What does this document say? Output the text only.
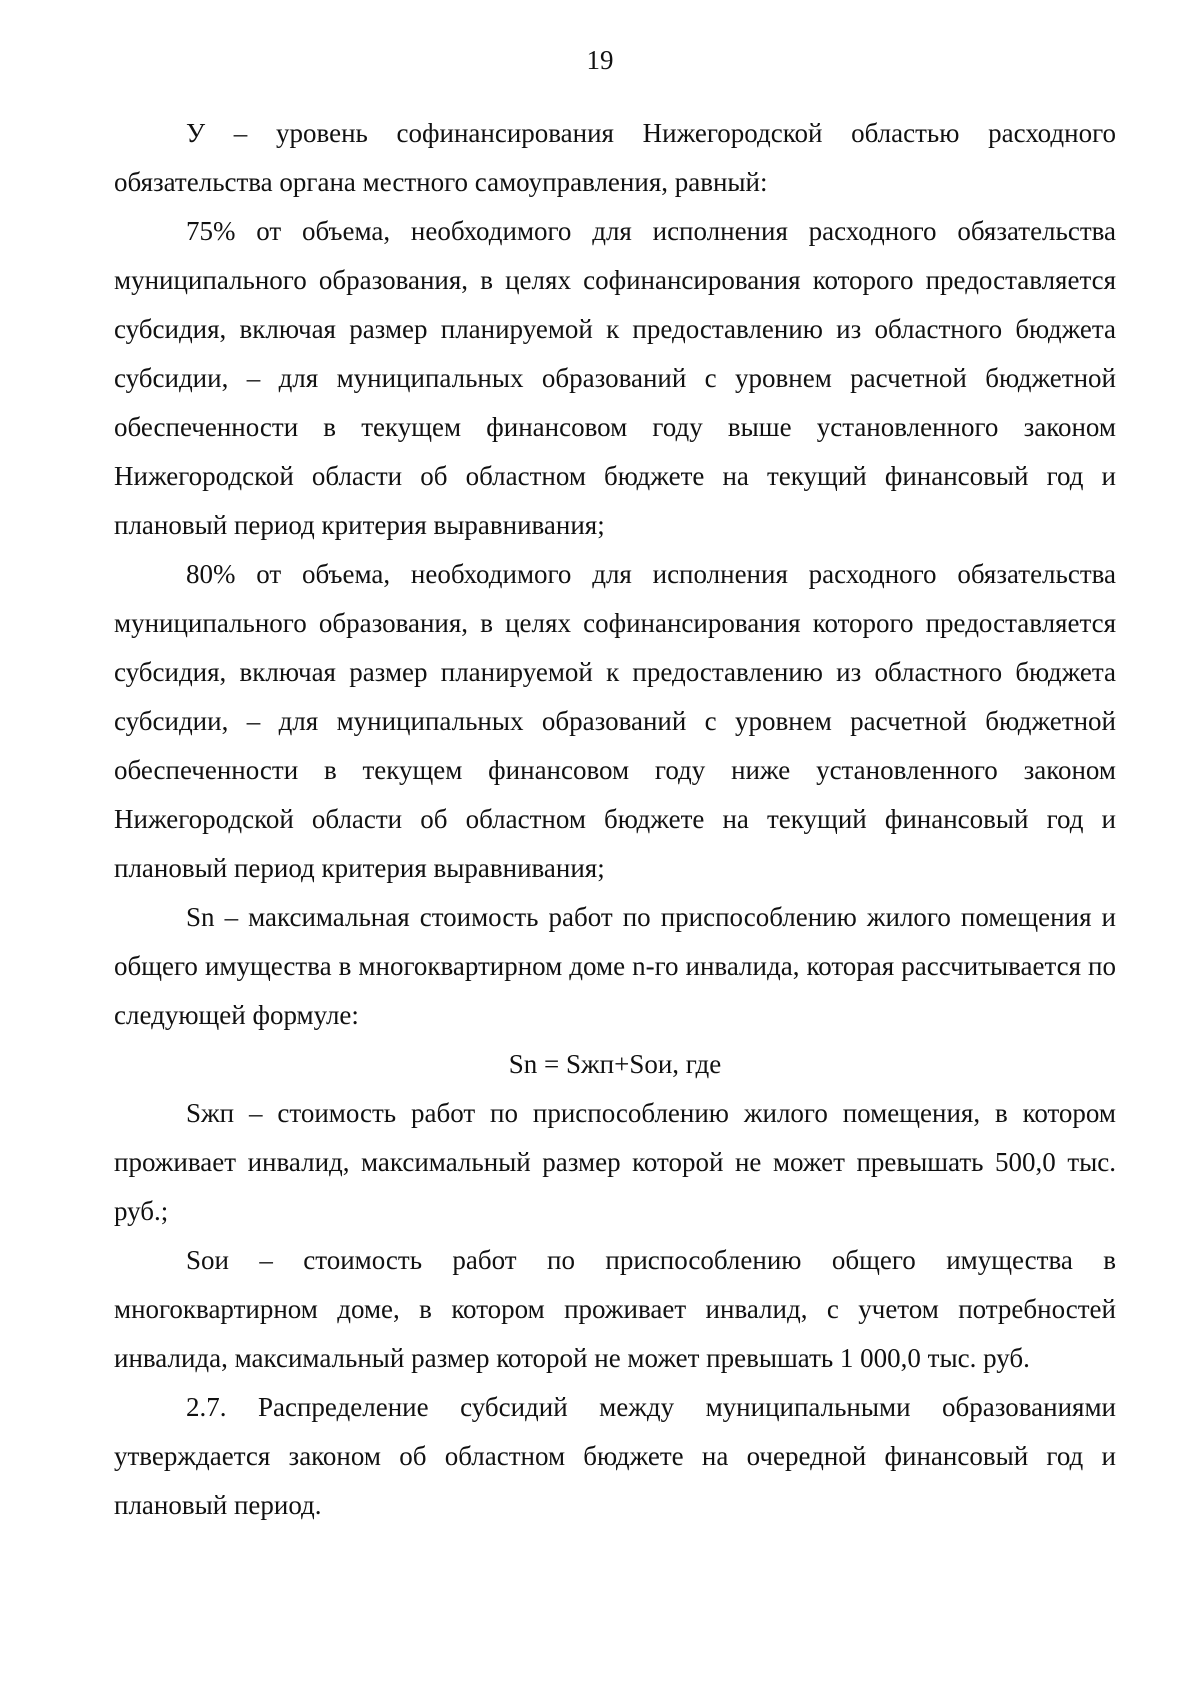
19

У – уровень софинансирования Нижегородской областью расходного обязательства органа местного самоуправления, равный:

75% от объема, необходимого для исполнения расходного обязательства муниципального образования, в целях софинансирования которого предоставляется субсидия, включая размер планируемой к предоставлению из областного бюджета субсидии, – для муниципальных образований с уровнем расчетной бюджетной обеспеченности в текущем финансовом году выше установленного законом Нижегородской области об областном бюджете на текущий финансовый год и плановый период критерия выравнивания;

80% от объема, необходимого для исполнения расходного обязательства муниципального образования, в целях софинансирования которого предоставляется субсидия, включая размер планируемой к предоставлению из областного бюджета субсидии, – для муниципальных образований с уровнем расчетной бюджетной обеспеченности в текущем финансовом году ниже установленного законом Нижегородской области об областном бюджете на текущий финансовый год и плановый период критерия выравнивания;

Sn – максимальная стоимость работ по приспособлению жилого помещения и общего имущества в многоквартирном доме n-го инвалида, которая рассчитывается по следующей формуле:

Sn = Sжп+Sои, где

Sжп – стоимость работ по приспособлению жилого помещения, в котором проживает инвалид, максимальный размер которой не может превышать 500,0 тыс. руб.;

Sои – стоимость работ по приспособлению общего имущества в многоквартирном доме, в котором проживает инвалид, с учетом потребностей инвалида, максимальный размер которой не может превышать 1 000,0 тыс. руб.

2.7. Распределение субсидий между муниципальными образованиями утверждается законом об областном бюджете на очередной финансовый год и плановый период.
